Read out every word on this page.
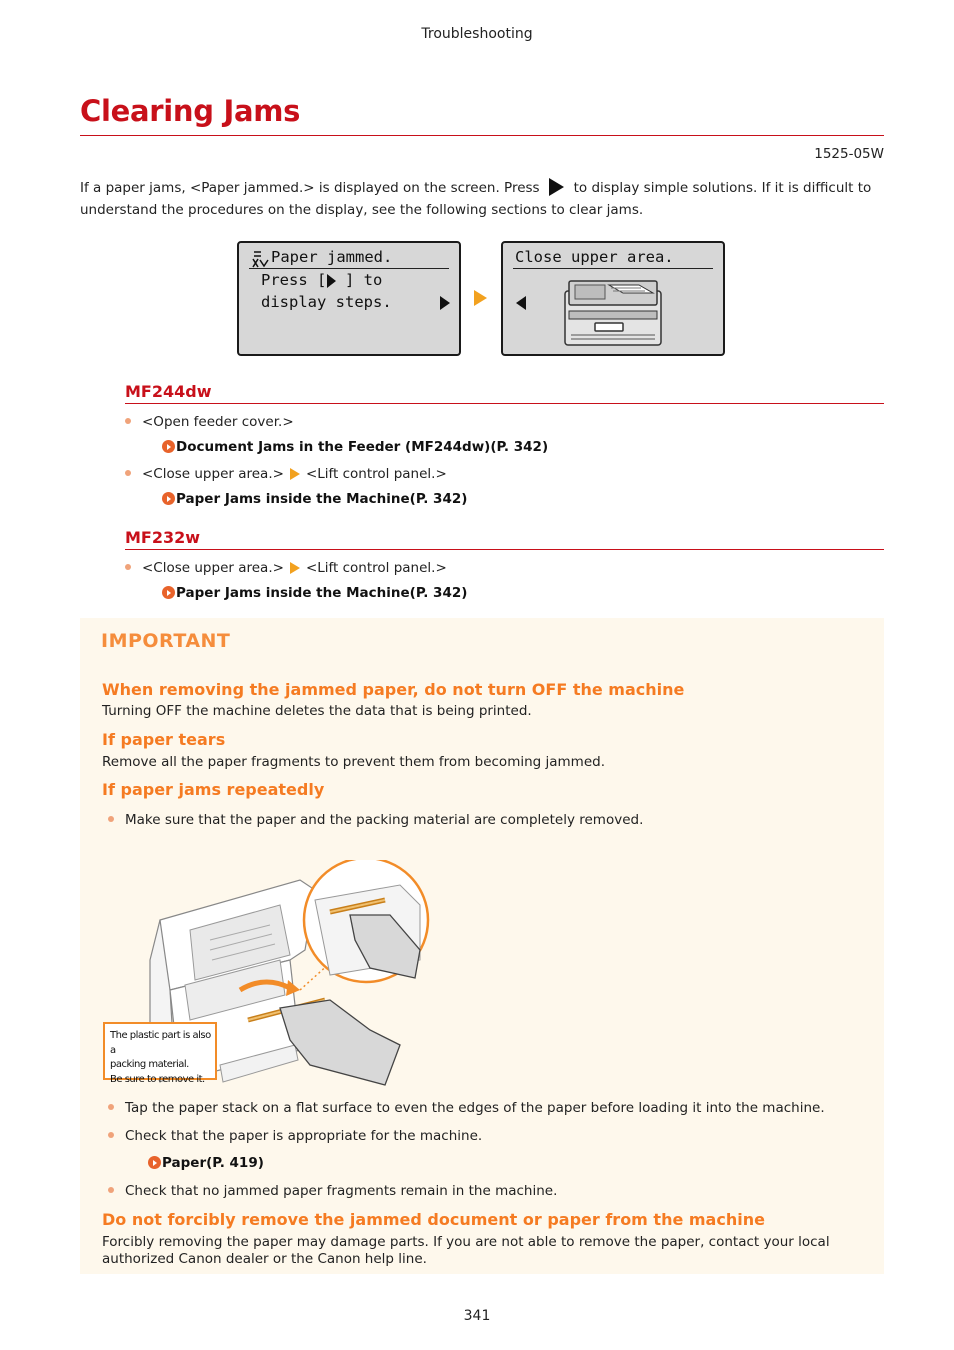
Troubleshooting
Clearing Jams
1525-05W
If a paper jams, <Paper jammed.> is displayed on the screen. Press	to display simple solutions. If it is difficult to understand the procedures on the display, see the following sections to clear jams.
Paper jammed.
Press [  ] to
display steps.
Close upper area.
MF244dw
<Open feeder cover.>
Document Jams in the Feeder (MF244dw)(P. 342)
<Close upper area.> <Lift control panel.>
Paper Jams inside the Machine(P. 342)
MF232w
<Close upper area.> <Lift control panel.>
Paper Jams inside the Machine(P. 342)
IMPORTANT
When removing the jammed paper, do not turn OFF the machine
Turning OFF the machine deletes the data that is being printed.
If paper tears
Remove all the paper fragments to prevent them from becoming jammed.
If paper jams repeatedly
Make sure that the paper and the packing material are completely removed.
The plastic part is also a
packing material.
Be sure to remove it.
Tap the paper stack on a flat surface to even the edges of the paper before loading it into the machine.
Check that the paper is appropriate for the machine.
Paper(P. 419)
Check that no jammed paper fragments remain in the machine.
Do not forcibly remove the jammed document or paper from the machine
Forcibly removing the paper may damage parts. If you are not able to remove the paper, contact your local authorized Canon dealer or the Canon help line.
341
